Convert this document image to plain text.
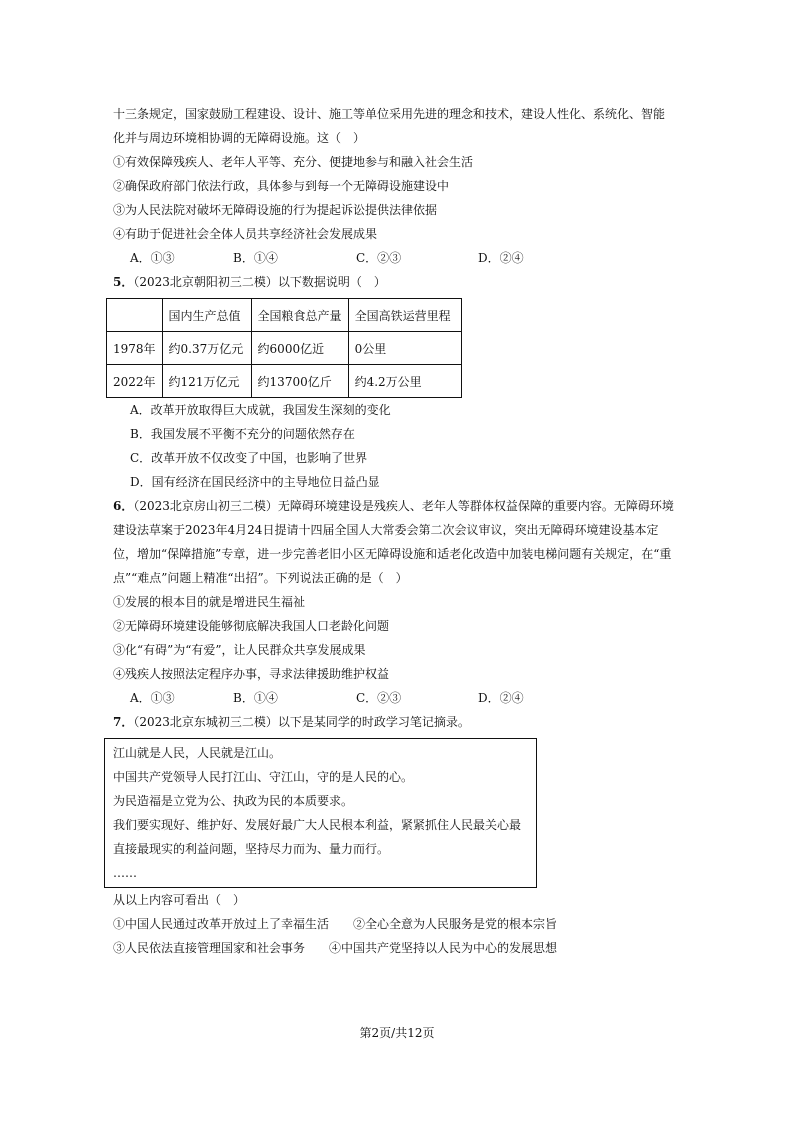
十三条规定，国家鼓励工程建设、设计、施工等单位采用先进的理念和技术，建设人性化、系统化、智能
化并与周边环境相协调的无障碍设施。这（　）
①有效保障残疾人、老年人平等、充分、便捷地参与和融入社会生活
②确保政府部门依法行政，具体参与到每一个无障碍设施建设中
③为人民法院对破坏无障碍设施的行为提起诉讼提供法律依据
④有助于促进社会全体人员共享经济社会发展成果
A．①③	B．①④	C．②③	D．②④
5．（2023北京朝阳初三二模）以下数据说明（　）
	国内生产总值	全国粮食总产量	全国高铁运营里程
1978年	约0.37万亿元	约6000亿近	0公里
2022年	约121万亿元	约13700亿斤	约4.2万公里
A．改革开放取得巨大成就，我国发生深刻的变化
B．我国发展不平衡不充分的问题依然存在
C．改革开放不仅改变了中国，也影响了世界
D．国有经济在国民经济中的主导地位日益凸显
6．（2023北京房山初三二模）无障碍环境建设是残疾人、老年人等群体权益保障的重要内容。无障碍环境
建设法草案于2023年4月24日提请十四届全国人大常委会第二次会议审议，突出无障碍环境建设基本定
位，增加“保障措施”专章，进一步完善老旧小区无障碍设施和适老化改造中加装电梯问题有关规定，在“重
点”“难点”问题上精准“出招”。下列说法正确的是（　）
①发展的根本目的就是增进民生福祉
②无障碍环境建设能够彻底解决我国人口老龄化问题
③化“有碍”为“有爱”，让人民群众共享发展成果
④残疾人按照法定程序办事，寻求法律援助维护权益
A．①③	B．①④	C．②③	D．②④
7．（2023北京东城初三二模）以下是某同学的时政学习笔记摘录。
江山就是人民，人民就是江山。
中国共产党领导人民打江山、守江山，守的是人民的心。
为民造福是立党为公、执政为民的本质要求。
我们要实现好、维护好、发展好最广大人民根本利益，紧紧抓住人民最关心最
直接最现实的利益问题，坚持尽力而为、量力而行。
……
从以上内容可看出（　）
①中国人民通过改革开放过上了幸福生活　　②全心全意为人民服务是党的根本宗旨
③人民依法直接管理国家和社会事务　　④中国共产党坚持以人民为中心的发展思想
第2页/共12页
